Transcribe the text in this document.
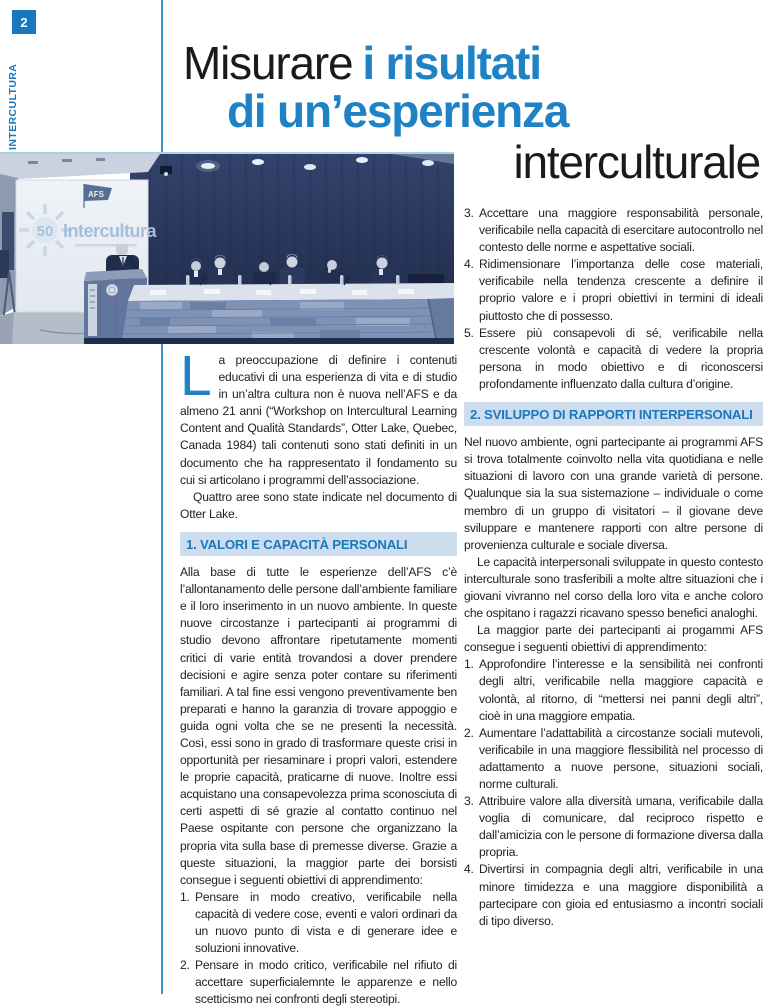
2
INTERCULTURA
Misurare i risultati
di un’esperienza
interculturale
50
AFS
Intercultura

La preoccupazione di definire i contenuti educativi di una esperienza di vita e di studio in un’altra cultura non è nuova nell’AFS e da almeno 21 anni (“Workshop on Intercultural Learning Content and Qualità Standards”, Otter Lake, Quebec, Canada 1984) tali contenuti sono stati definiti in un documento che ha rappresentato il fondamento su cui si articolano i programmi dell’associazione.

Quattro aree sono state indicate nel documento di Otter Lake.

1. VALORI E CAPACITÀ PERSONALI

Alla base di tutte le esperienze dell’AFS c’è l’allontanamento delle persone dall’ambiente familiare e il loro inserimento in un nuovo ambiente. In queste nuove circostanze i partecipanti ai programmi di studio devono affrontare ripetutamente momenti critici di varie entità trovandosi a dover prendere decisioni e agire senza poter contare su riferimenti familiari. A tal fine essi vengono preventivamente ben preparati e hanno la garanzia di trovare appoggio e guida ogni volta che se ne presenti la necessità. Così, essi sono in grado di trasformare queste crisi in opportunità per riesaminare i propri valori, estendere le proprie capacità, praticarne di nuove. Inoltre essi acquistano una consapevolezza prima sconosciuta di certi aspetti di sé grazie al contatto continuo nel Paese ospitante con persone che organizzano la propria vita sulla base di premesse diverse. Grazie a queste situazioni, la maggior parte dei borsisti consegue i seguenti obiettivi di apprendimento:

1. Pensare in modo creativo, verificabile nella capacità di vedere cose, eventi e valori ordinari da un nuovo punto di vista e di generare idee e soluzioni innovative.
2. Pensare in modo critico, verificabile nel rifiuto di accettare superficialemnte le apparenze e nello scetticismo nei confronti degli stereotipi.
3. Accettare una maggiore responsabilità personale, verificabile nella capacità di esercitare autocontrollo nel contesto delle norme e aspettative sociali.
4. Ridimensionare l’importanza delle cose materiali, verificabile nella tendenza crescente a definire il proprio valore e i propri obiettivi in termini di ideali piuttosto che di possesso.
5. Essere più consapevoli di sé, verificabile nella crescente volontà e capacità di vedere la propria persona in modo obiettivo e di riconoscersi profondamente influenzato dalla cultura d’origine.
2. SVILUPPO DI RAPPORTI INTERPERSONALI

Nel nuovo ambiente, ogni partecipante ai programmi AFS si trova totalmente coinvolto nella vita quotidiana e nelle situazioni di lavoro con una grande varietà di persone. Qualunque sia la sua sistemazione – individuale o come membro di un gruppo di visitatori – il giovane deve sviluppare e mantenere rapporti con altre persone di provenienza culturale e sociale diversa.

Le capacità interpersonali sviluppate in questo contesto interculturale sono trasferibili a molte altre situazioni che i giovani vivranno nel corso della loro vita e anche coloro che ospitano i ragazzi ricavano spesso benefici analoghi.

La maggior parte dei partecipanti ai progammi AFS consegue i seguenti obiettivi di apprendimento:

1. Approfondire l’interesse e la sensibilità nei confronti degli altri, verificabile nella maggiore capacità e volontà, al ritorno, di “mettersi nei panni degli altri”, cioè in una maggiore empatia.
2. Aumentare l’adattabilità a circostanze sociali mutevoli, verificabile in una maggiore flessibilità nel processo di adattamento a nuove persone, situazioni sociali, norme culturali.
3. Attribuire valore alla diversità umana, verificabile dalla voglia di comunicare, dal reciproco rispetto e dall’amicizia con le persone di formazione diversa dalla propria.
4. Divertirsi in compagnia degli altri, verificabile in una minore timidezza e una maggiore disponibilità a partecipare con gioia ed entusiasmo a incontri sociali di tipo diverso.
